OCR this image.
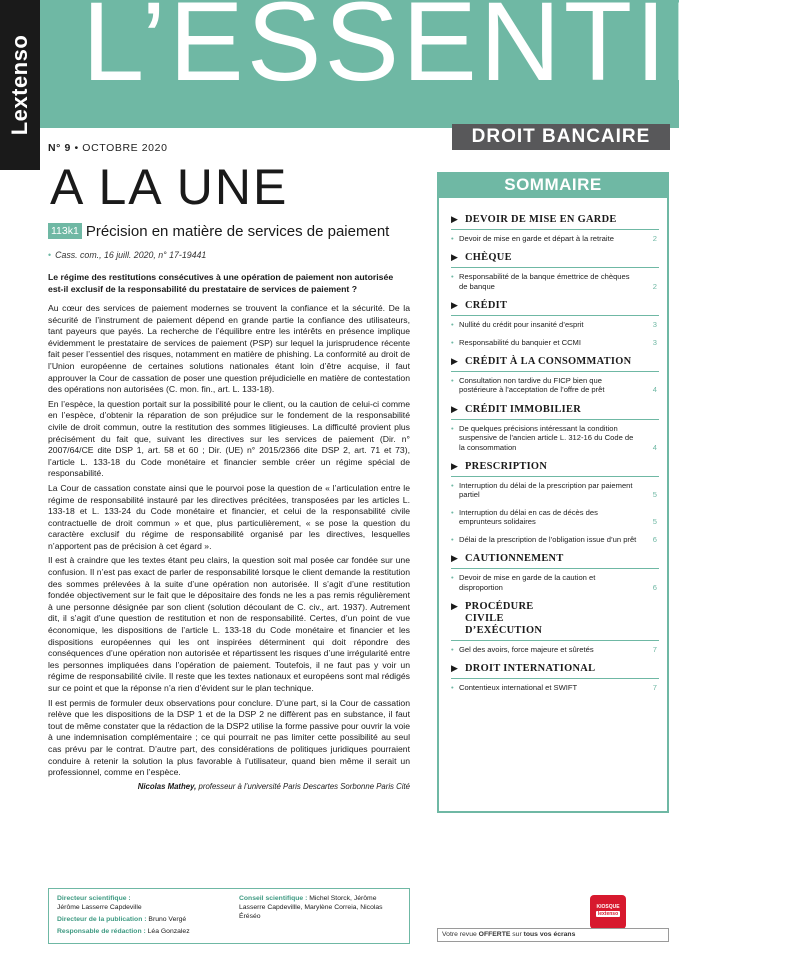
Lextenso L’ESSENTIEL
DROIT BANCAIRE
N° 9 • OCTOBRE 2020
A LA UNE
113k1 Précision en matière de services de paiement
• Cass. com., 16 juill. 2020, n° 17-19441
Le régime des restitutions consécutives à une opération de paiement non autorisée est-il exclusif de la responsabilité du prestataire de services de paiement ?

Au cœur des services de paiement modernes se trouvent la confiance et la sécurité. De la sécurité de l’instrument de paiement dépend en grande partie la confiance des utilisateurs, tant payeurs que payés. La recherche de l’équilibre entre les intérêts en présence implique évidemment le prestataire de services de paiement (PSP) sur lequel la jurisprudence récente fait peser l’essentiel des risques, notamment en matière de phishing. La conformité au droit de l’Union européenne de certaines solutions nationales étant loin d’être acquise, il faut approuver la Cour de cassation de poser une question préjudicielle en matière de contestation des opérations non autorisées (C. mon. fin., art. L. 133-18).

En l’espèce, la question portait sur la possibilité pour le client, ou la caution de celui-ci comme en l’espèce, d’obtenir la réparation de son préjudice sur le fondement de la responsabilité civile de droit commun, outre la restitution des sommes litigieuses. La difficulté provient plus précisément du fait que, suivant les directives sur les services de paiement (Dir. n° 2007/64/CE dite DSP 1, art. 58 et 60 ; Dir. (UE) n° 2015/2366 dite DSP 2, art. 71 et 73), l’article L. 133-18 du Code monétaire et financier semble créer un régime spécial de responsabilité.

La Cour de cassation constate ainsi que le pourvoi pose la question de « l’articulation entre le régime de responsabilité instauré par les directives précitées, transposées par les articles L. 133-18 et L. 133-24 du Code monétaire et financier, et celui de la responsabilité civile contractuelle de droit commun » et que, plus particulièrement, « se pose la question du caractère exclusif du régime de responsabilité organisé par les directives, lesquelles n’apportent pas de précision à cet égard ».

Il est à craindre que les textes étant peu clairs, la question soit mal posée car fondée sur une confusion. Il n’est pas exact de parler de responsabilité lorsque le client demande la restitution des sommes prélevées à la suite d’une opération non autorisée. Il s’agit d’une restitution fondée objectivement sur le fait que le dépositaire des fonds ne les a pas remis régulièrement à une personne désignée par son client (solution découlant de C. civ., art. 1937). Autrement dit, il s’agit d’une question de restitution et non de responsabilité. Certes, d’un point de vue économique, les dispositions de l’article L. 133-18 du Code monétaire et financier et les dispositions européennes qui les ont inspirées déterminent qui doit répondre des conséquences d’une opération non autorisée et répartissent les risques d’une irrégularité entre les personnes impliquées dans l’opération de paiement. Toutefois, il ne faut pas y voir un régime de responsabilité civile. Il reste que les textes nationaux et européens sont mal rédigés sur ce point et que la réponse n’a rien d’évident sur le plan technique.

Il est permis de formuler deux observations pour conclure. D’une part, si la Cour de cassation relève que les dispositions de la DSP 1 et de la DSP 2 ne diffèrent pas en substance, il faut tout de même constater que la rédaction de la DSP2 utilise la forme passive pour ouvrir la voie à une indemnisation complémentaire ; ce qui pourrait ne pas limiter cette possibilité au seul cas prévu par le contrat. D’autre part, des considérations de politiques juridiques pourraient conduire à retenir la solution la plus favorable à l’utilisateur, quand bien même il serait un professionnel, comme en l’espèce.

Nicolas Mathey, professeur à l’université Paris Descartes Sorbonne Paris Cité
Directeur scientifique :
Jérôme Lasserre Capdeville
Directeur de la publication : Bruno Vergé
Responsable de rédaction : Léa Gonzalez
Conseil scientifique : Michel Storck, Jérôme Lasserre Capdevillle, Marylène Correia, Nicolas Éréséo
SOMMAIRE
▶ DEVOIR DE MISE EN GARDE
• Devoir de mise en garde et départ à la retraite	2
▶ CHÈQUE
• Responsabilité de la banque émettrice de chèques de banque	2
▶ CRÉDIT
• Nullité du crédit pour insanité d’esprit	3
• Responsabilité du banquier et CCMI	3
▶ CRÉDIT À LA CONSOMMATION
• Consultation non tardive du FICP bien que postérieure à l’acceptation de l’offre de prêt	4
▶ CRÉDIT IMMOBILIER
• De quelques précisions intéressant la condition suspensive de l’ancien article L. 312-16 du Code de la consommation	4
▶ PRESCRIPTION
• Interruption du délai de la prescription par paiement partiel	5
• Interruption du délai en cas de décès des emprunteurs solidaires	5
• Délai de la prescription de l’obligation issue d’un prêt 6
▶ CAUTIONNEMENT
• Devoir de mise en garde de la caution et disproportion	6
▶ PROCÉDURE CIVILE D’EXÉCUTION
• Gel des avoirs, force majeure et sûretés	7
▶ DROIT INTERNATIONAL
• Contentieux international et SWIFT	7
KIOSQUE
lextenso
Votre revue OFFERTE sur tous vos écrans
